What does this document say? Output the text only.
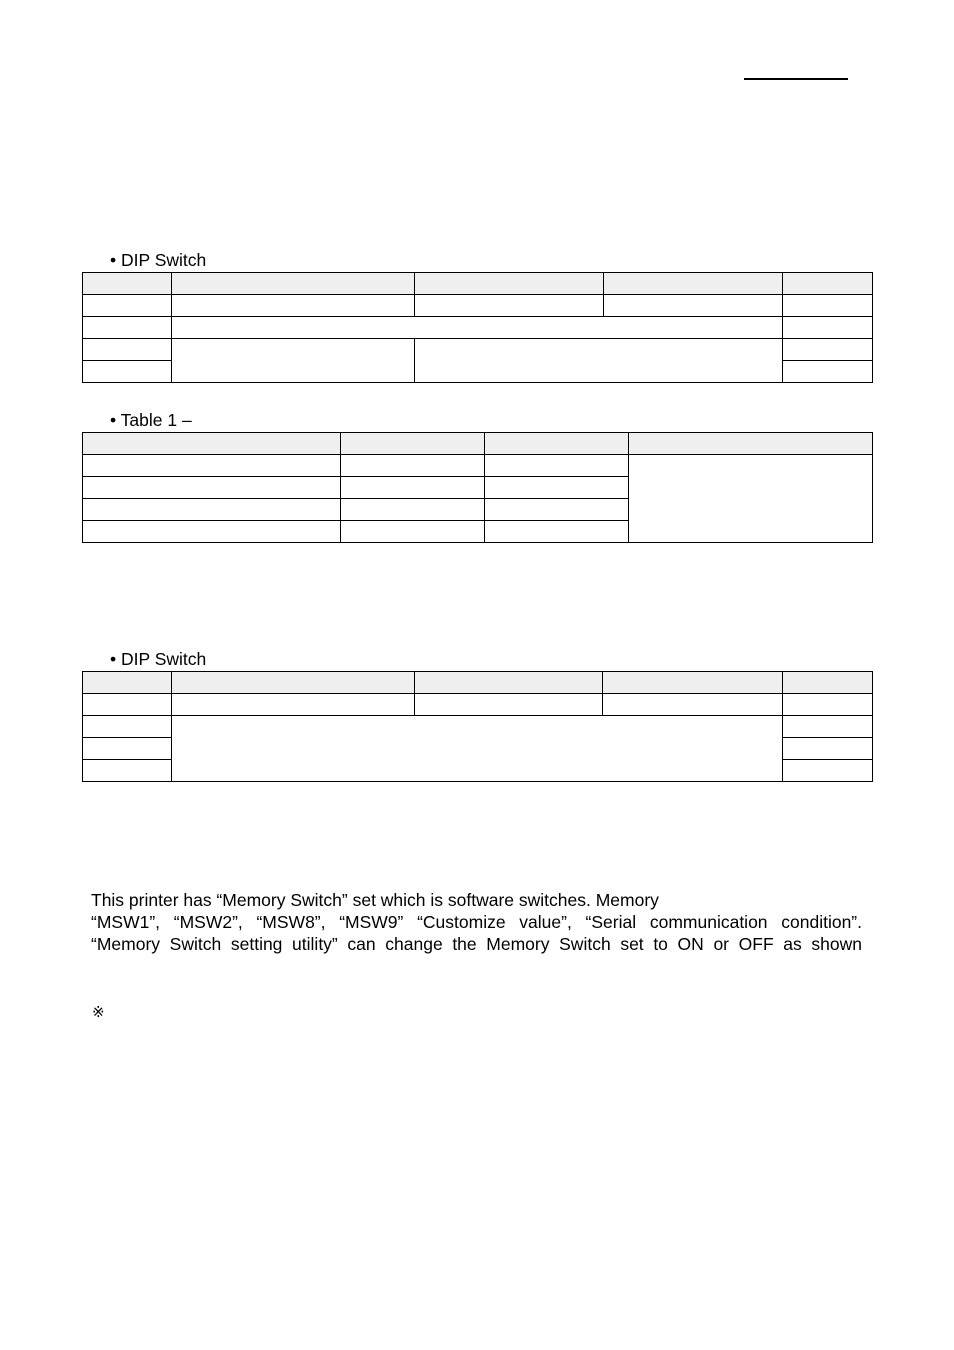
• DIP Switch

• Table 1 –

• DIP Switch

This printer has “Memory Switch” set which is software switches. Memory

“MSW1”, “MSW2”, “MSW8”, “MSW9” “Customize value”, “Serial communication condition”.

“Memory Switch setting utility” can change the Memory Switch set to ON or OFF as shown

※
